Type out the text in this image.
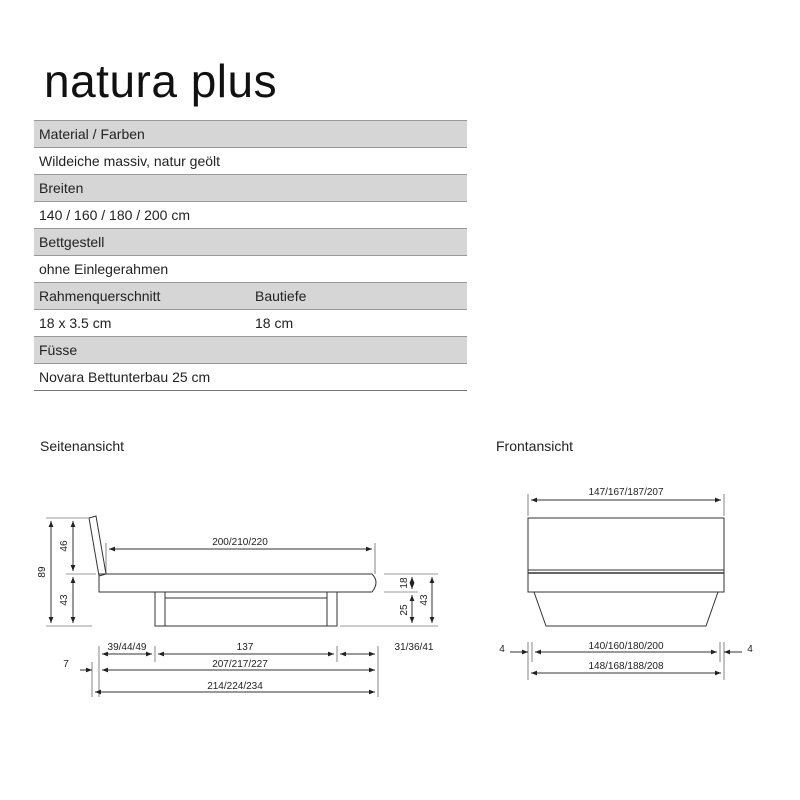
natura plus
Material / Farben
Wildeiche massiv, natur geölt
Breiten
140 / 160 / 180 / 200 cm
Bettgestell
ohne Einlegerahmen
Rahmenquerschnitt	Bautiefe
18 x 3.5 cm	18 cm
Füsse
Novara Bettunterbau 25 cm
Seitenansicht	Frontansicht
89
46
43
200/210/220
18
25
43
39/44/49	137	31/36/41
7	207/217/227
214/224/234
147/167/187/207
4	140/160/180/200	4
148/168/188/208
